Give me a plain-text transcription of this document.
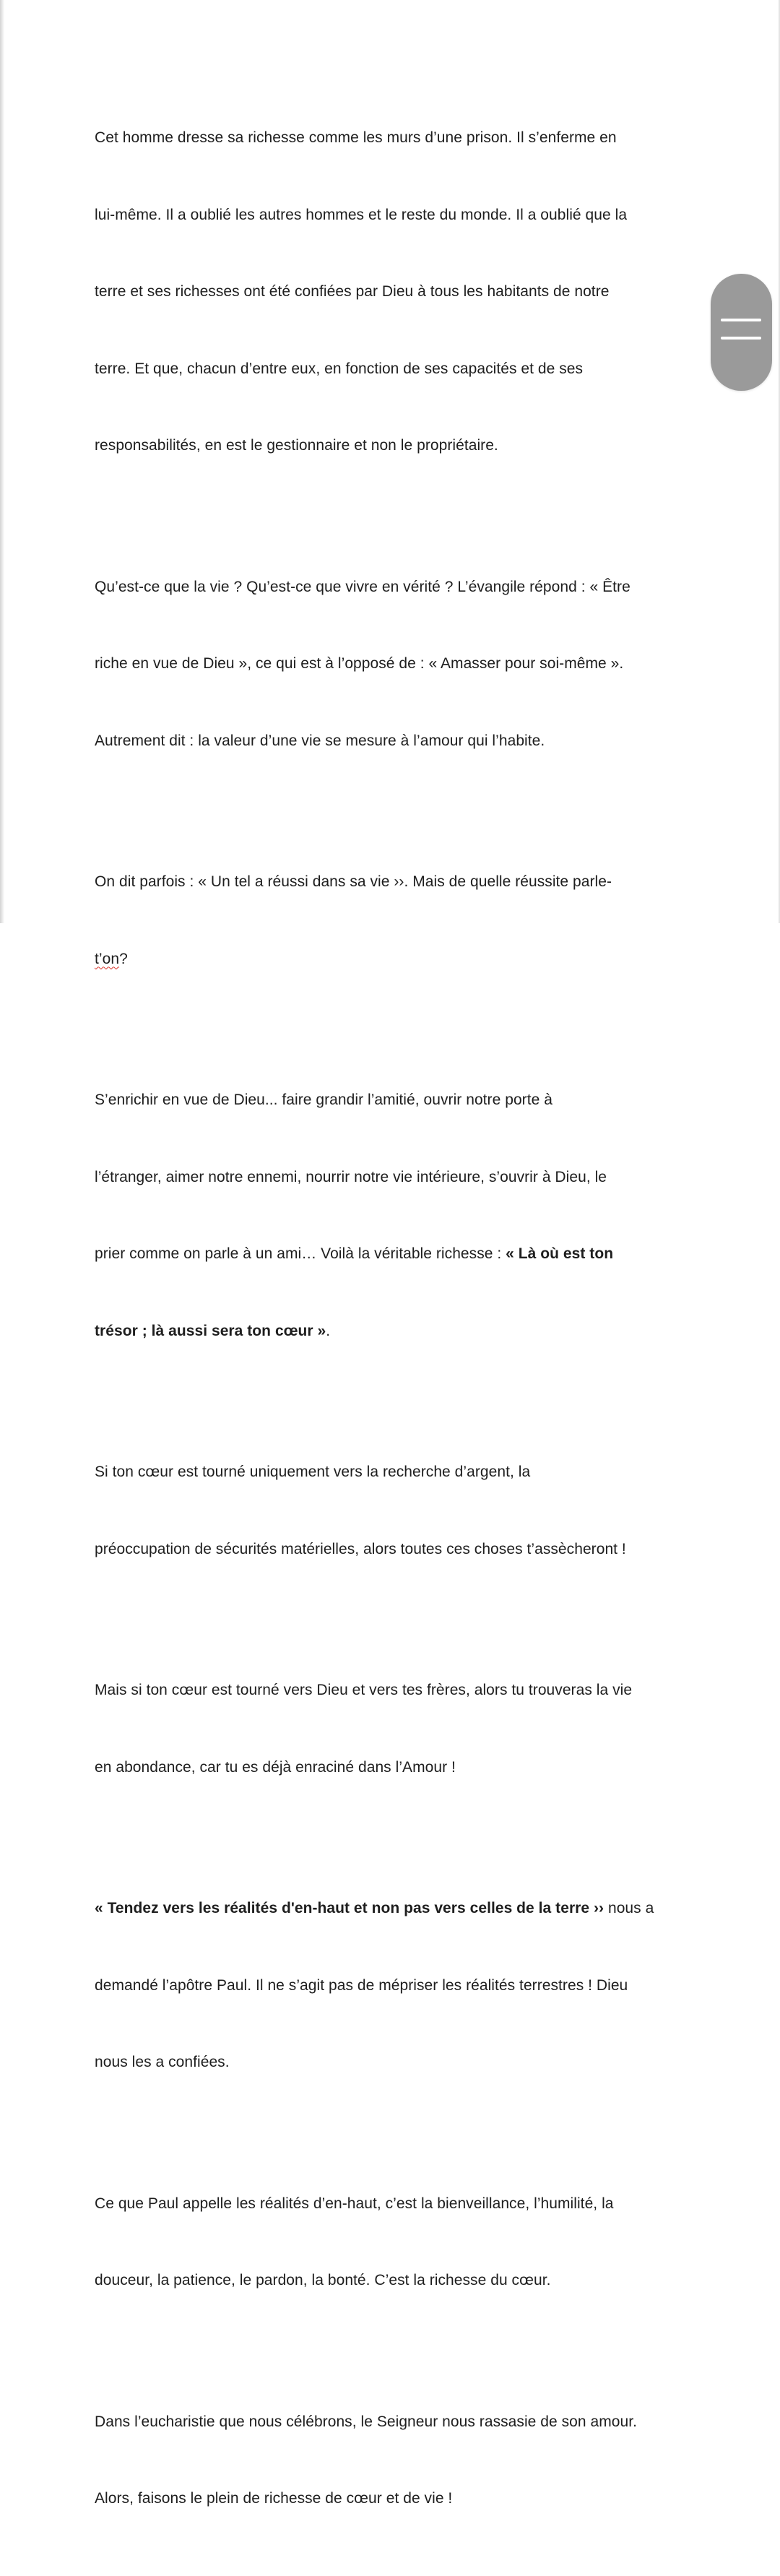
Cet homme dresse sa richesse comme les murs d’une prison. Il s’enferme en

lui-même. Il a oublié les autres hommes et le reste du monde. Il a oublié que la

terre et ses richesses ont été confiées par Dieu à tous les habitants de notre

terre. Et que, chacun d’entre eux, en fonction de ses capacités et de ses

responsabilités, en est le gestionnaire et non le propriétaire.

Qu’est-ce que la vie ? Qu’est-ce que vivre en vérité ? L’évangile répond : « Être

riche en vue de Dieu », ce qui est à l’opposé de : « Amasser pour soi-même ».

Autrement dit : la valeur d’une vie se mesure à l’amour qui l’habite.

On dit parfois : « Un tel a réussi dans sa vie ››. Mais de quelle réussite parle-

t’on?

S’enrichir en vue de Dieu... faire grandir l’amitié, ouvrir notre porte à

l’étranger, aimer notre ennemi, nourrir notre vie intérieure, s’ouvrir à Dieu, le

prier comme on parle à un ami… Voilà la véritable richesse : « Là où est ton

trésor ; là aussi sera ton cœur ».

Si ton cœur est tourné uniquement vers la recherche d’argent, la

préoccupation de sécurités matérielles, alors toutes ces choses t’assècheront !

Mais si ton cœur est tourné vers Dieu et vers tes frères, alors tu trouveras la vie

en abondance, car tu es déjà enraciné dans l’Amour !

« Tendez vers les réalités d'en-haut et non pas vers celles de la terre ›› nous a

demandé l’apôtre Paul. Il ne s’agit pas de mépriser les réalités terrestres ! Dieu

nous les a confiées.

Ce que Paul appelle les réalités d’en-haut, c’est la bienveillance, l’humilité, la

douceur, la patience, le pardon, la bonté. C’est la richesse du cœur.

Dans l’eucharistie que nous célébrons, le Seigneur nous rassasie de son amour.

Alors, faisons le plein de richesse de cœur et de vie !
